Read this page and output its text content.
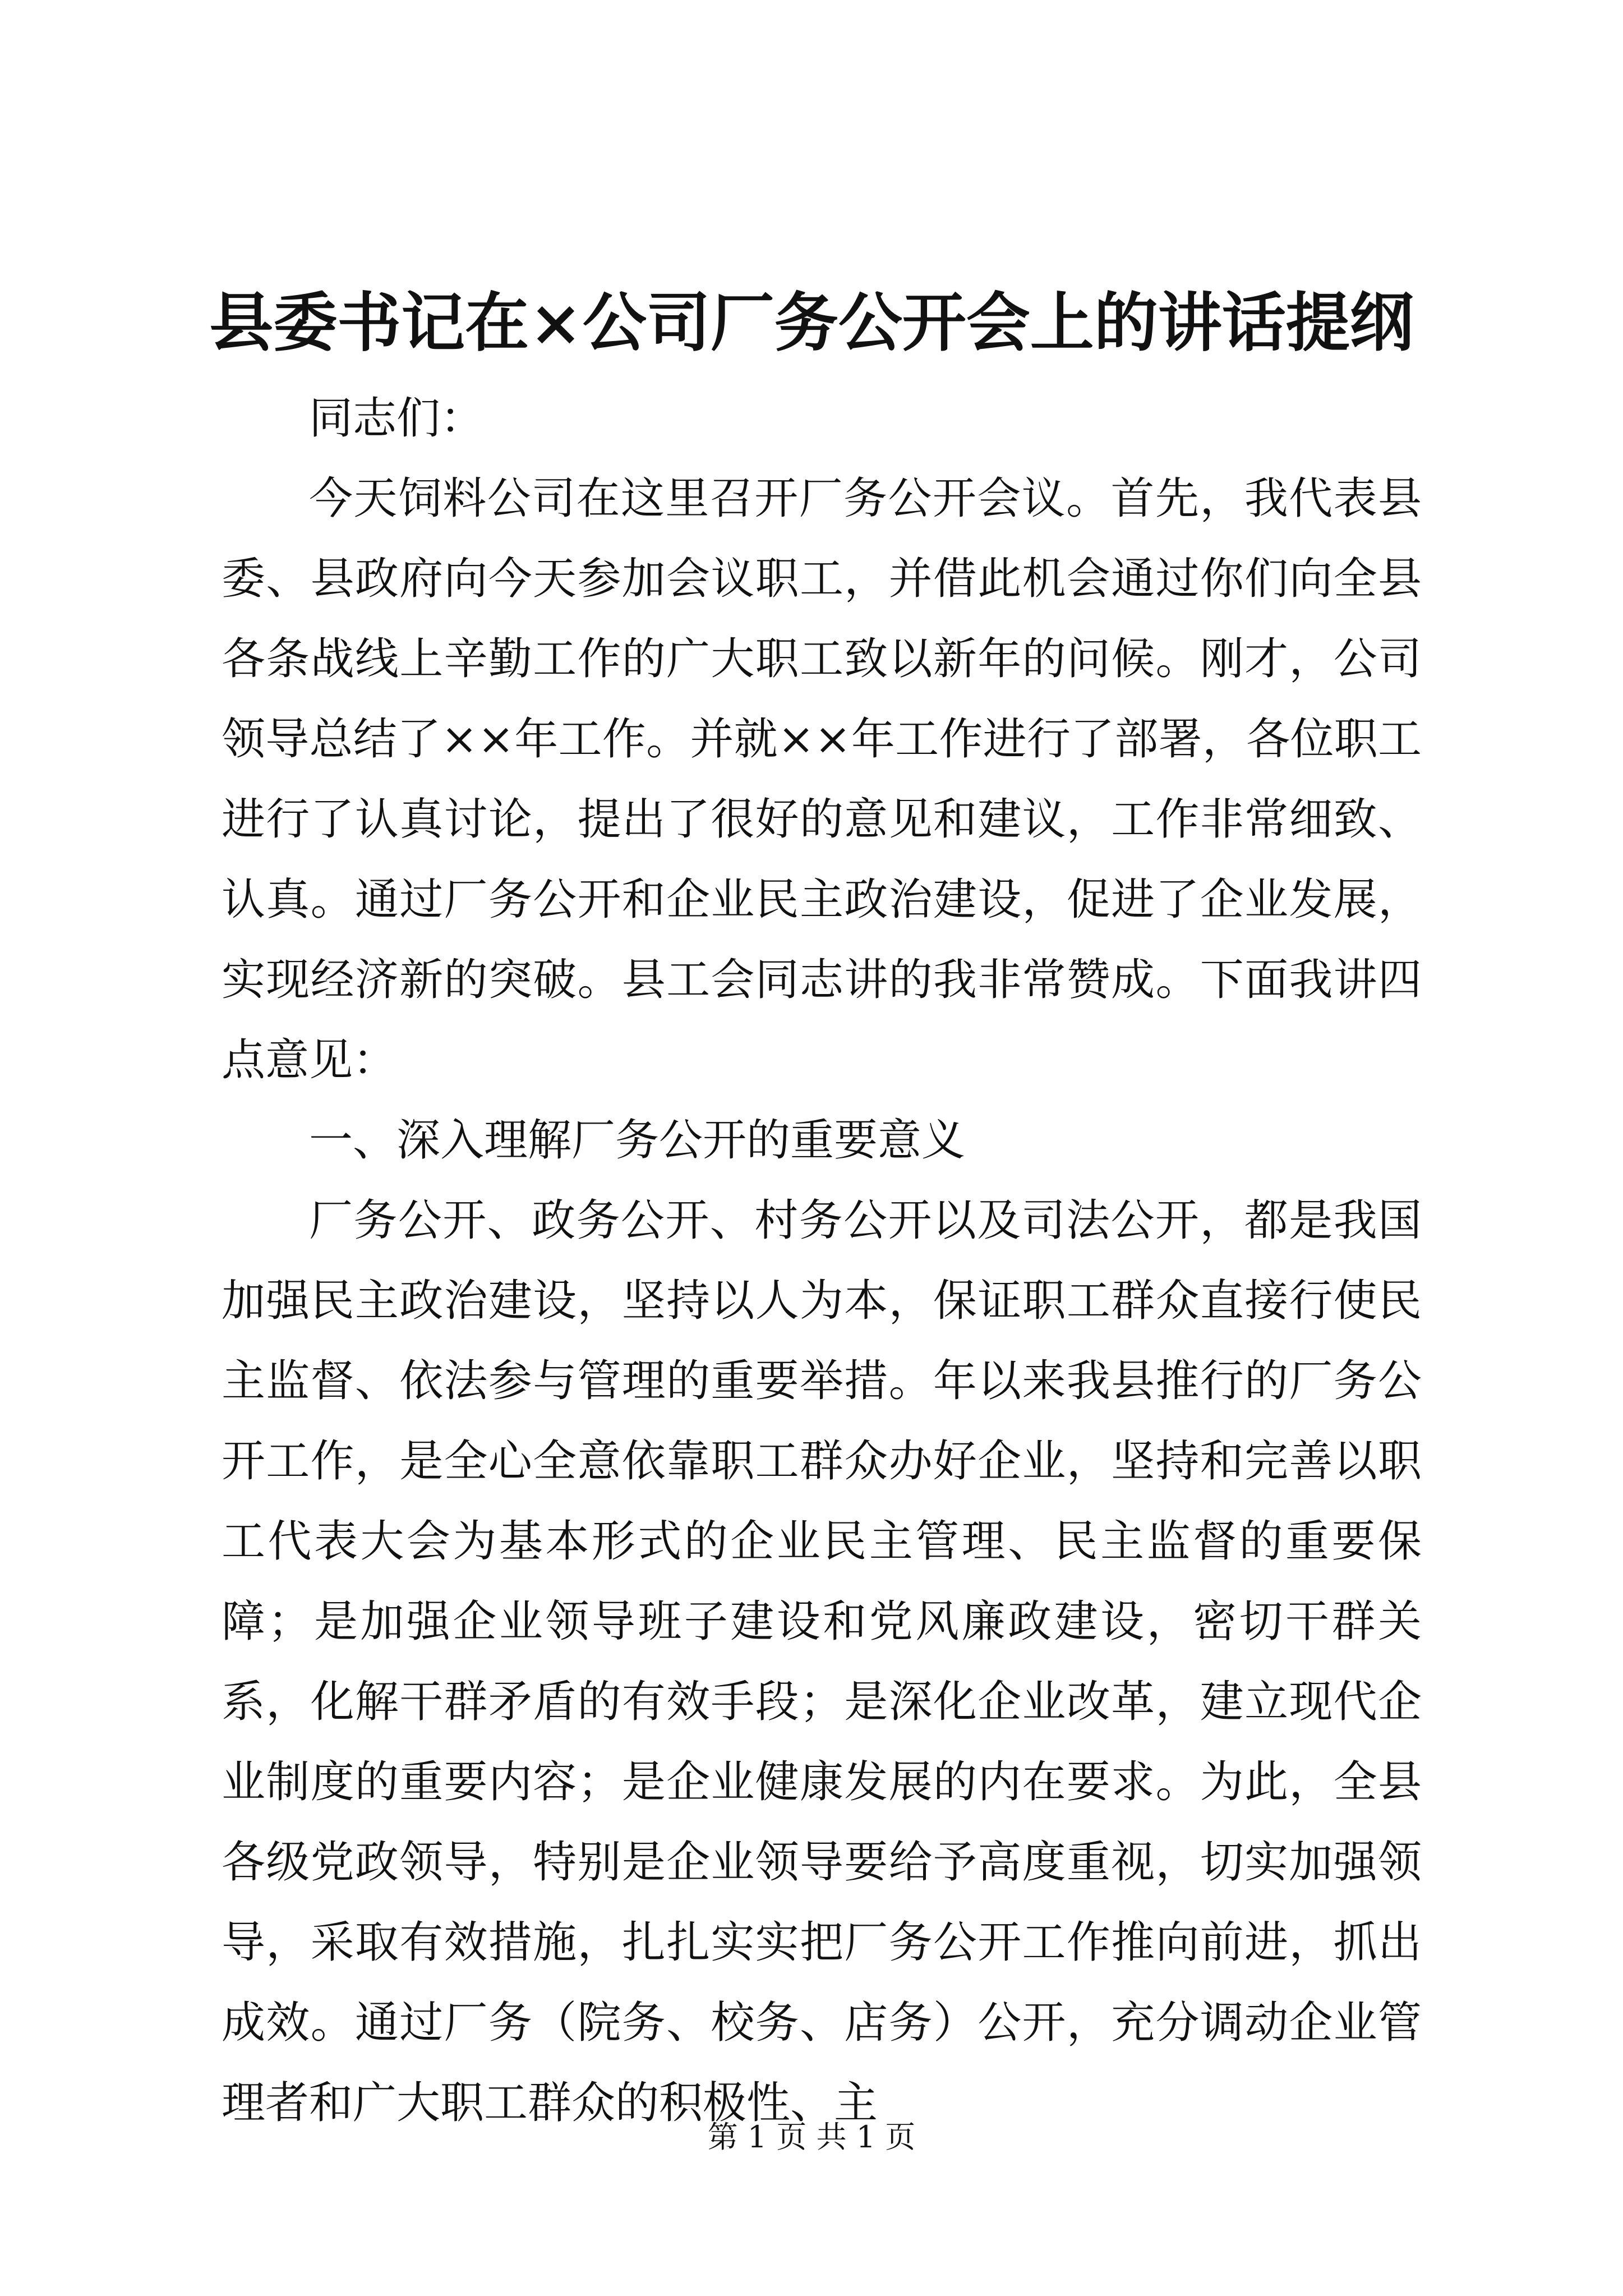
县委书记在×公司厂务公开会上的讲话提纲

同志们：

今天饲料公司在这里召开厂务公开会议。首先，我代表县委、县政府向今天参加会议职工，并借此机会通过你们向全县各条战线上辛勤工作的广大职工致以新年的问候。刚才，公司领导总结了××年工作。并就××年工作进行了部署，各位职工进行了认真讨论，提出了很好的意见和建议，工作非常细致、认真。通过厂务公开和企业民主政治建设，促进了企业发展，实现经济新的突破。县工会同志讲的我非常赞成。下面我讲四点意见：

一、深入理解厂务公开的重要意义

厂务公开、政务公开、村务公开以及司法公开，都是我国加强民主政治建设，坚持以人为本，保证职工群众直接行使民主监督、依法参与管理的重要举措。年以来我县推行的厂务公开工作，是全心全意依靠职工群众办好企业，坚持和完善以职工代表大会为基本形式的企业民主管理、民主监督的重要保障；是加强企业领导班子建设和党风廉政建设，密切干群关系，化解干群矛盾的有效手段；是深化企业改革，建立现代企业制度的重要内容；是企业健康发展的内在要求。为此，全县各级党政领导，特别是企业领导要给予高度重视，切实加强领导，采取有效措施，扎扎实实把厂务公开工作推向前进，抓出成效。通过厂务（院务、校务、店务）公开，充分调动企业管理者和广大职工群众的积极性、主

第 1 页 共 1 页
